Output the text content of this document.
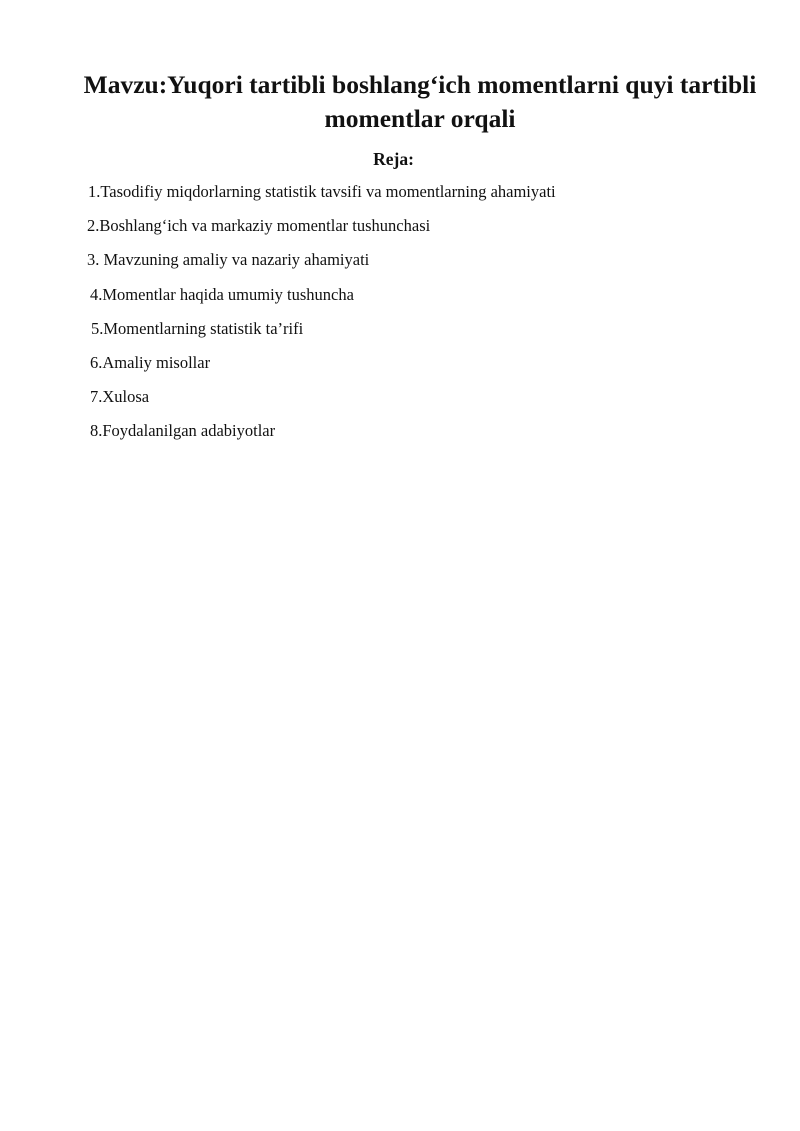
Mavzu:Yuqori tartibli boshlang‘ich momentlarni quyi tartibli momentlar orqali
Reja:

1.Tasodifiy miqdorlarning statistik tavsifi va momentlarning ahamiyati

2.Boshlang‘ich va markaziy momentlar tushunchasi

3. Mavzuning amaliy va nazariy ahamiyati

4.Momentlar haqida umumiy tushuncha

5.Momentlarning statistik ta’rifi

6.Amaliy misollar

7.Xulosa

8.Foydalanilgan adabiyotlar
